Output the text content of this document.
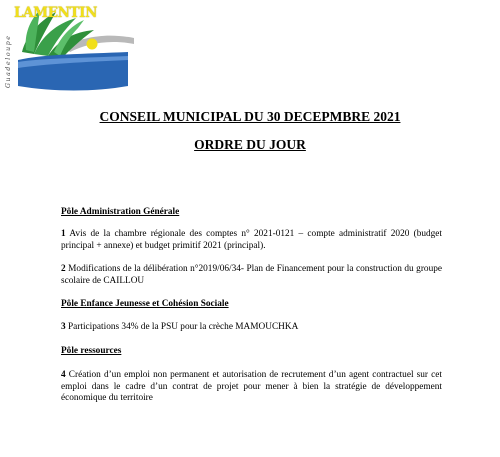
LAMENTIN
Guadeloupe
CONSEIL MUNICIPAL DU 30 DECEPMBRE 2021
ORDRE DU JOUR
Pôle Administration Générale
1 Avis de la chambre régionale des comptes n° 2021-0121 – compte administratif 2020 (budget principal + annexe) et budget primitif 2021 (principal).
2 Modifications de la délibération n°2019/06/34- Plan de Financement pour la construction du groupe scolaire de CAILLOU
Pôle Enfance Jeunesse et Cohésion Sociale
3 Participations 34% de la PSU pour la crèche MAMOUCHKA
Pôle ressources
4 Création d’un emploi non permanent et autorisation de recrutement d’un agent contractuel sur cet emploi dans le cadre d’un contrat de projet pour mener à bien la stratégie de développement économique du territoire
